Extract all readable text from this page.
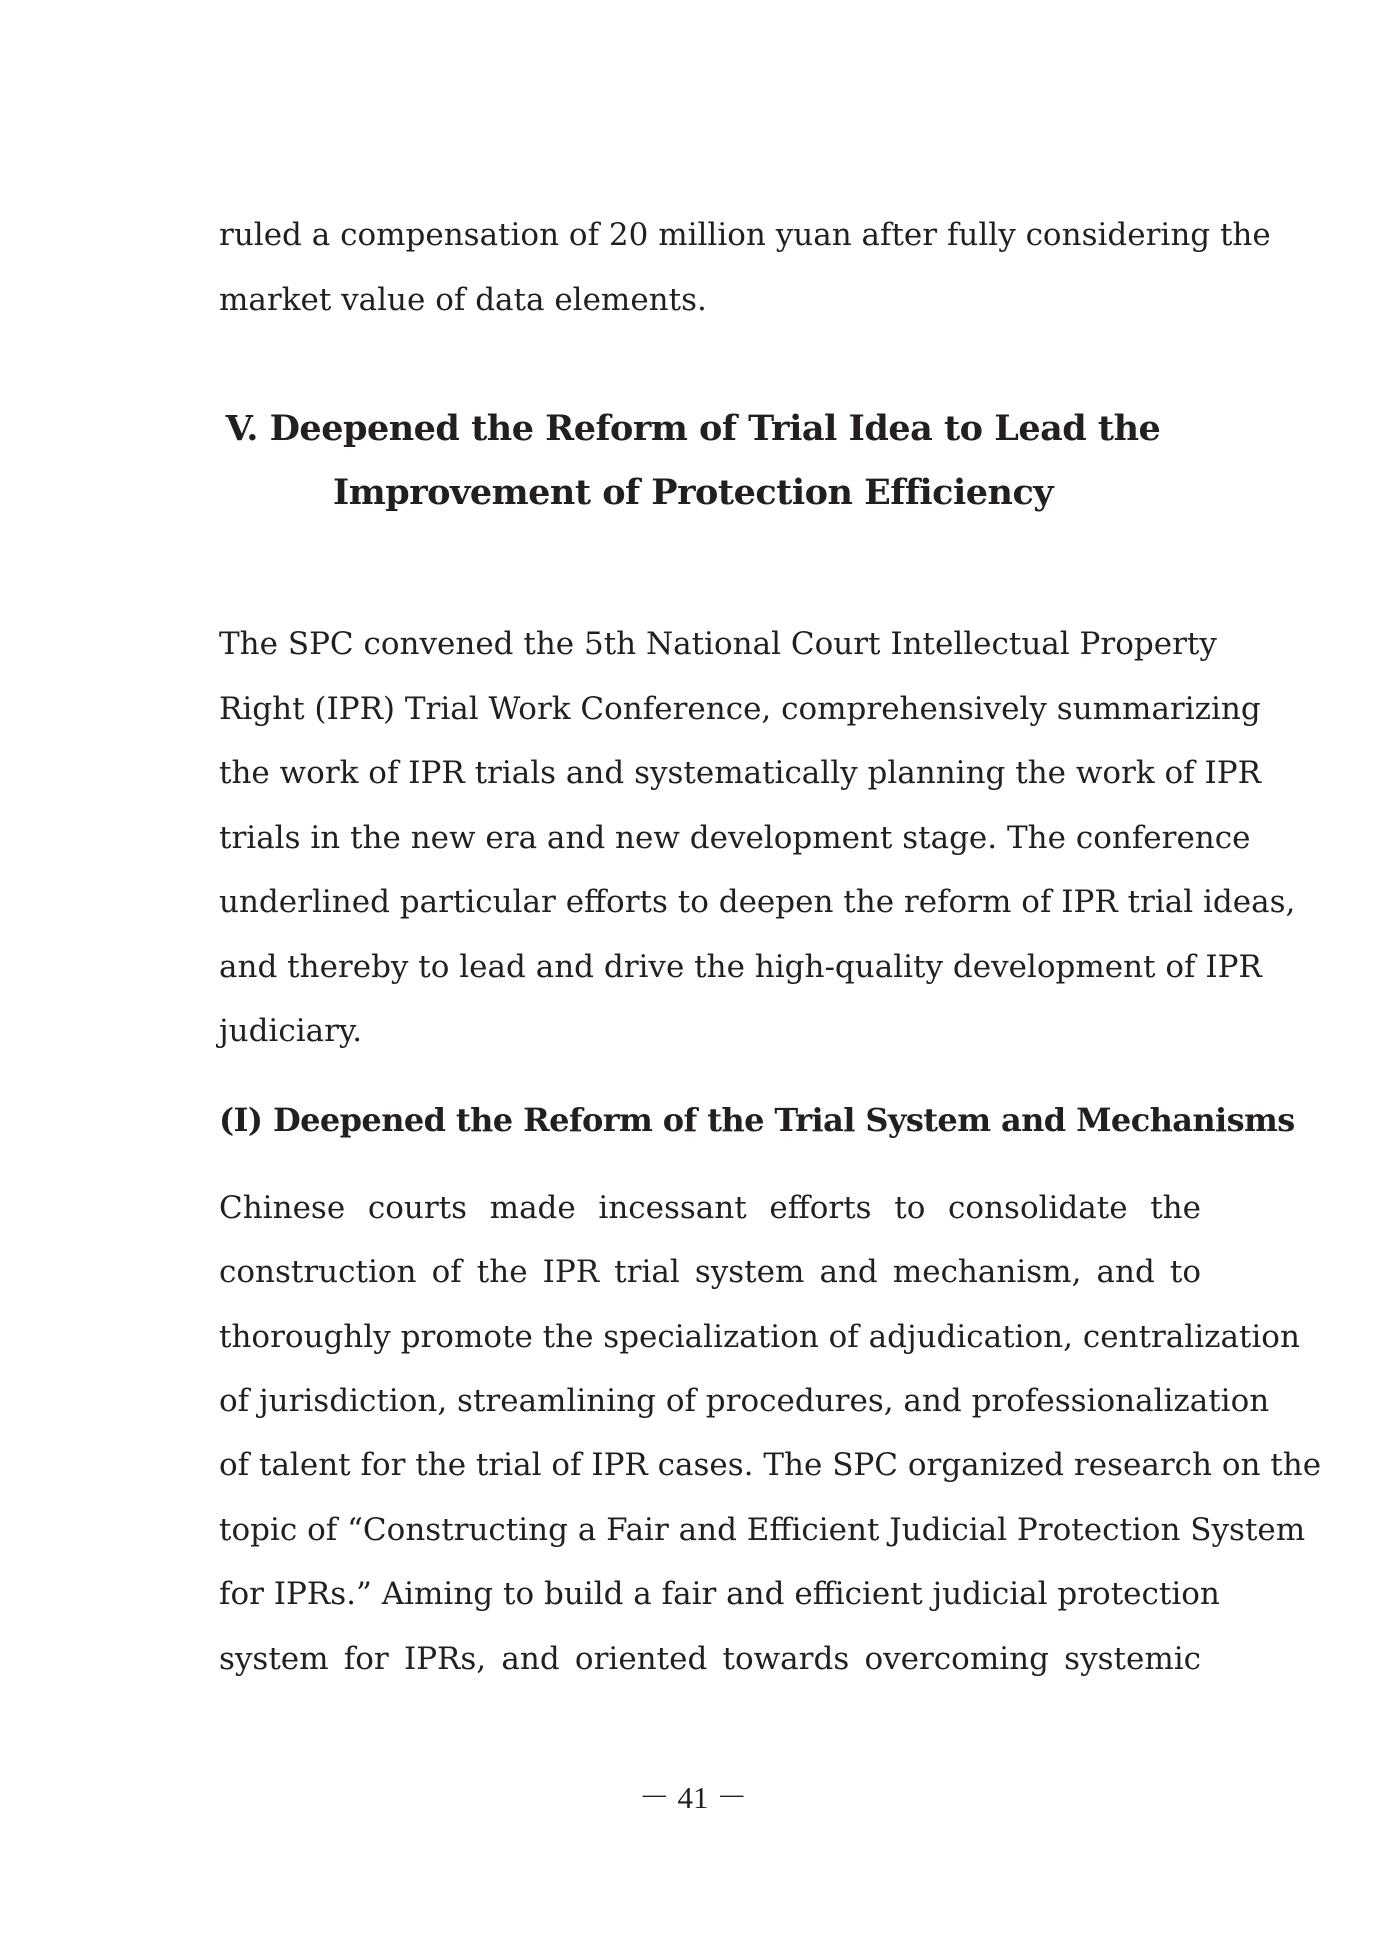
ruled a compensation of 20 million yuan after fully considering the
market value of data elements.
V. Deepened the Reform of Trial Idea to Lead the
Improvement of Protection Efficiency
The SPC convened the 5th National Court Intellectual Property
Right (IPR) Trial Work Conference, comprehensively summarizing
the work of IPR trials and systematically planning the work of IPR
trials in the new era and new development stage. The conference
underlined particular efforts to deepen the reform of IPR trial ideas,
and thereby to lead and drive the high-quality development of IPR
judiciary.
(I) Deepened the Reform of the Trial System and Mechanisms
Chinese courts made incessant efforts to consolidate the
construction of the IPR trial system and mechanism, and to
thoroughly promote the specialization of adjudication, centralization
of jurisdiction, streamlining of procedures, and professionalization
of talent for the trial of IPR cases. The SPC organized research on the
topic of “Constructing a Fair and Efficient Judicial Protection System
for IPRs.” Aiming to build a fair and efficient judicial protection
system for IPRs, and oriented towards overcoming systemic
－ 41 －
